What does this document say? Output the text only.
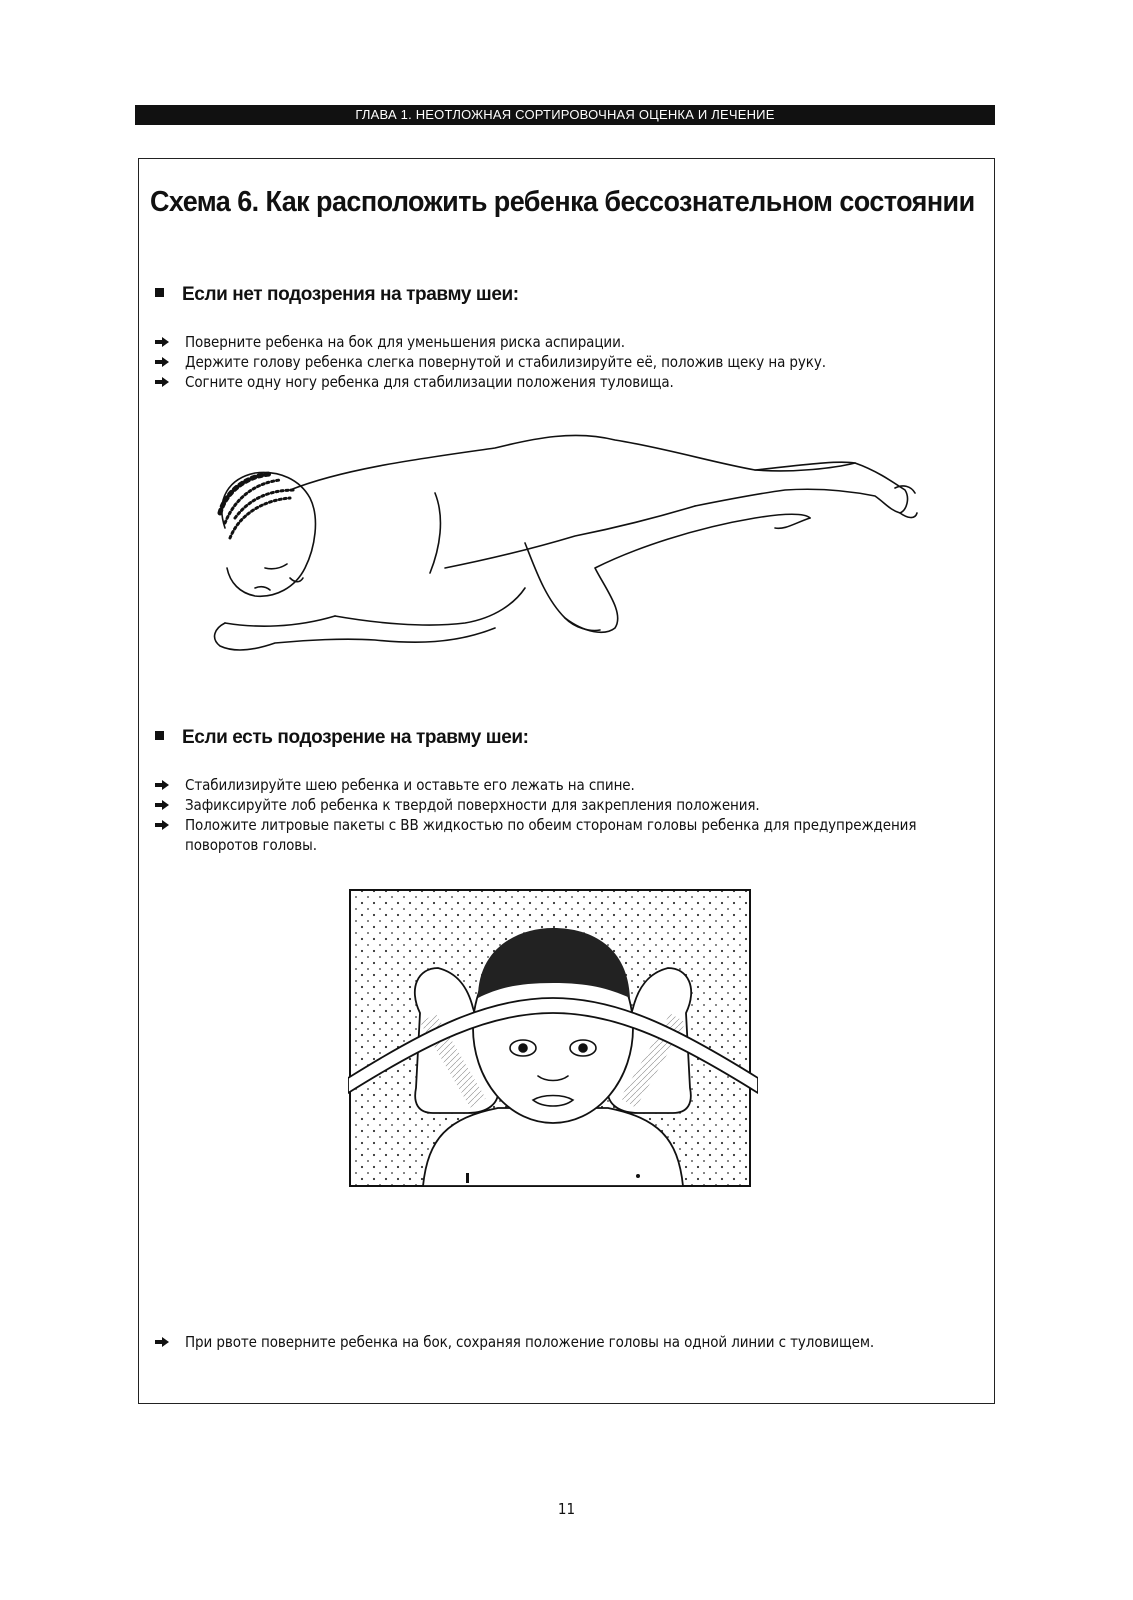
ГЛАВА 1. НЕОТЛОЖНАЯ СОРТИРОВОЧНАЯ ОЦЕНКА И ЛЕЧЕНИЕ
Схема 6. Как расположить ребенка бессознательном состоянии
Если нет подозрения на травму шеи:
Поверните ребенка на бок для уменьшения риска аспирации.
Держите голову ребенка слегка повернутой и стабилизируйте её, положив щеку на руку.
Согните одну ногу ребенка для стабилизации положения туловища.
Если есть подозрение на травму шеи:
Стабилизируйте шею ребенка и оставьте его лежать на спине.
Зафиксируйте лоб ребенка к твердой поверхности для закрепления положения.
Положите литровые пакеты с ВВ жидкостью по обеим сторонам головы ребенка для предупреждения поворотов головы.
При рвоте поверните ребенка на бок, сохраняя положение головы на одной линии с туловищем.
11
